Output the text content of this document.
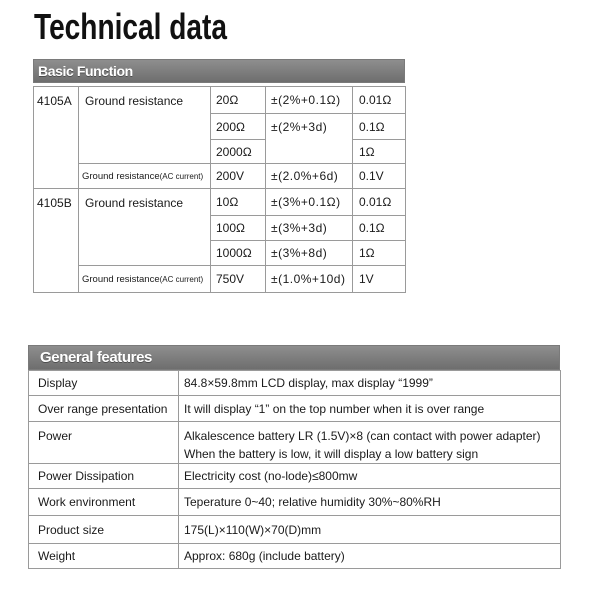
Technical data
Basic Function
4105A	Ground resistance	20Ω	±(2%+0.1Ω)	0.01Ω
		200Ω	±(2%+3d)	0.1Ω
		2000Ω		1Ω
	Ground resistance(AC current)	200V	±(2.0%+6d)	0.1V
4105B	Ground resistance	10Ω	±(3%+0.1Ω)	0.01Ω
		100Ω	±(3%+3d)	0.1Ω
		1000Ω	±(3%+8d)	1Ω
	Ground resistance(AC current)	750V	±(1.0%+10d)	1V
General features
Display	84.8×59.8mm LCD display, max display “1999”
Over range presentation	It will display “1” on the top number when it is over range
Power	Alkalescence battery LR (1.5V)×8 (can contact with power adapter)
When the battery is low, it will display a low battery sign

Power Dissipation	Electricity cost (no-lode)≤800mw
Work environment	Teperature 0~40; relative humidity 30%~80%RH
Product size	175(L)×110(W)×70(D)mm
Weight	Approx: 680g (include battery)
